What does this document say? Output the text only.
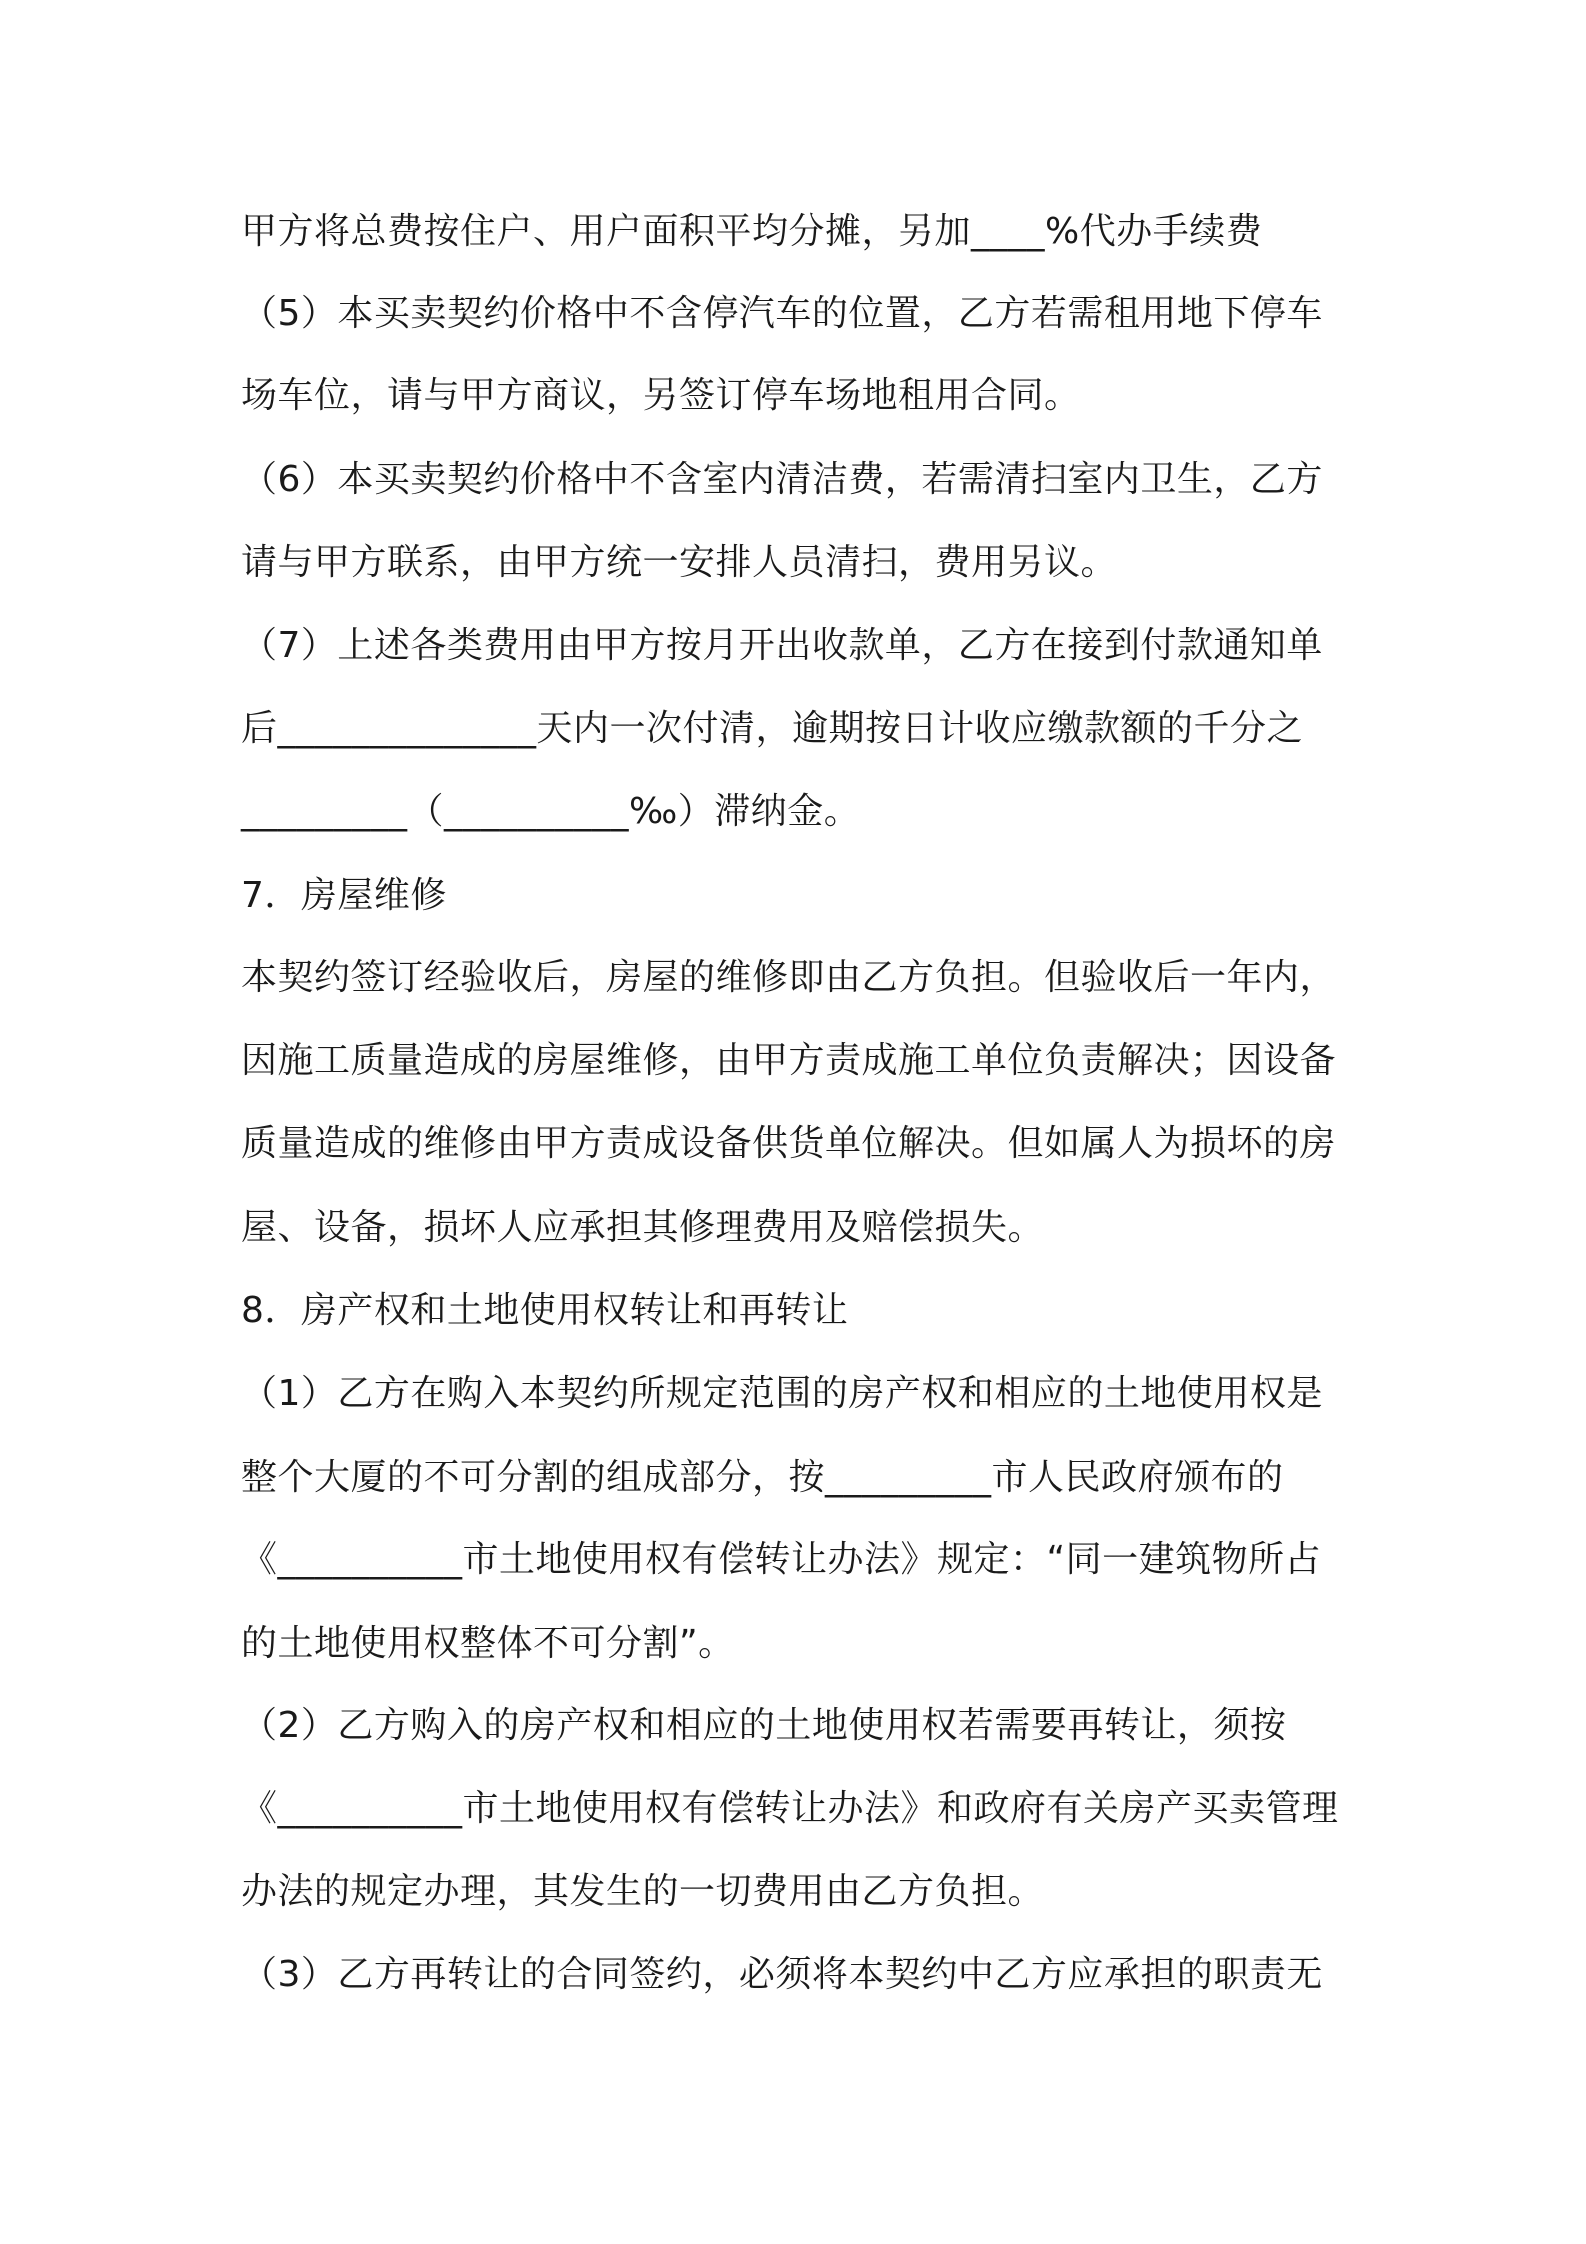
甲方将总费按住户、用户面积平均分摊，另加____%代办手续费
（5）本买卖契约价格中不含停汽车的位置，乙方若需租用地下停车
场车位，请与甲方商议，另签订停车场地租用合同。
（6）本买卖契约价格中不含室内清洁费，若需清扫室内卫生，乙方
请与甲方联系，由甲方统一安排人员清扫，费用另议。
（7）上述各类费用由甲方按月开出收款单，乙方在接到付款通知单
后______________天内一次付清，逾期按日计收应缴款额的千分之
_________（__________‰）滞纳金。
7．房屋维修
本契约签订经验收后，房屋的维修即由乙方负担。但验收后一年内，
因施工质量造成的房屋维修，由甲方责成施工单位负责解决；因设备
质量造成的维修由甲方责成设备供货单位解决。但如属人为损坏的房
屋、设备，损坏人应承担其修理费用及赔偿损失。
8．房产权和土地使用权转让和再转让
（1）乙方在购入本契约所规定范围的房产权和相应的土地使用权是
整个大厦的不可分割的组成部分，按_________市人民政府颁布的
《__________市土地使用权有偿转让办法》规定：“同一建筑物所占
的土地使用权整体不可分割”。
（2）乙方购入的房产权和相应的土地使用权若需要再转让，须按
《__________市土地使用权有偿转让办法》和政府有关房产买卖管理
办法的规定办理，其发生的一切费用由乙方负担。
（3）乙方再转让的合同签约，必须将本契约中乙方应承担的职责无
